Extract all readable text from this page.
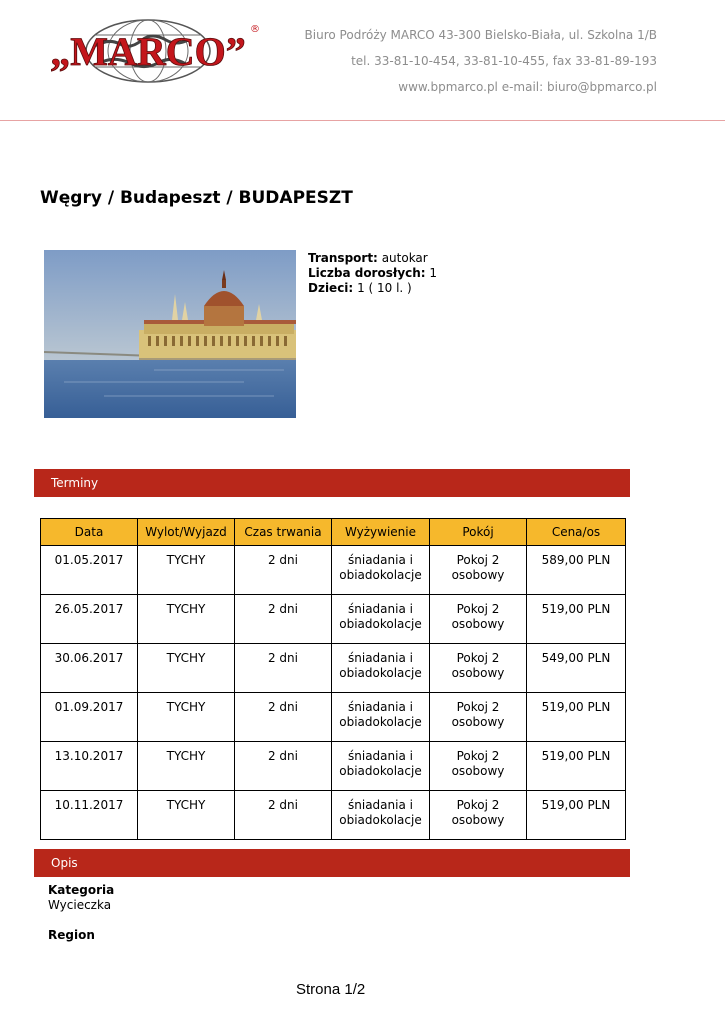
„MARCO” ®	Biuro Podróży MARCO 43-300 Bielsko-Biała, ul. Szkolna 1/B
tel. 33-81-10-454, 33-81-10-455, fax 33-81-89-193
www.bpmarco.pl e-mail: biuro@bpmarco.pl
Węgry / Budapeszt / BUDAPESZT
Transport: autokar
Liczba dorosłych: 1
Dzieci: 1 ( 10 l. )
Terminy
Data	Wylot/Wyjazd	Czas trwania	Wyżywienie	Pokój	Cena/os
01.05.2017	TYCHY	2 dni	śniadania i obiadokolacje	Pokoj 2 osobowy	589,00 PLN
26.05.2017	TYCHY	2 dni	śniadania i obiadokolacje	Pokoj 2 osobowy	519,00 PLN
30.06.2017	TYCHY	2 dni	śniadania i obiadokolacje	Pokoj 2 osobowy	549,00 PLN
01.09.2017	TYCHY	2 dni	śniadania i obiadokolacje	Pokoj 2 osobowy	519,00 PLN
13.10.2017	TYCHY	2 dni	śniadania i obiadokolacje	Pokoj 2 osobowy	519,00 PLN
10.11.2017	TYCHY	2 dni	śniadania i obiadokolacje	Pokoj 2 osobowy	519,00 PLN
Opis
Kategoria
Wycieczka
Region
Strona 1/2
